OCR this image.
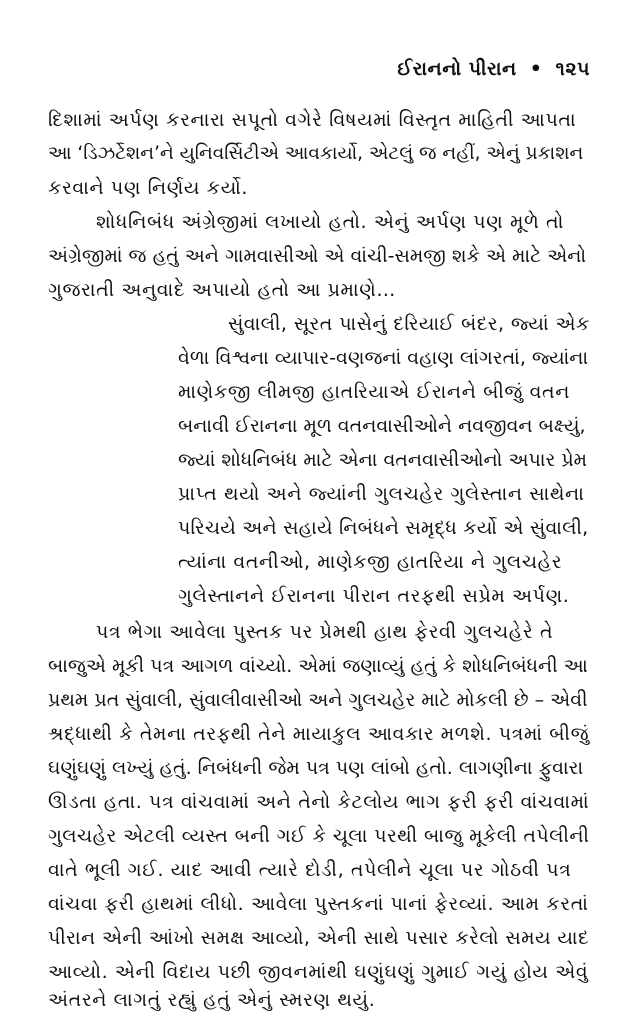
ઈરાનનો પીરાન • ૧૨૫
દિશામાં અર્પણ કરનારા સપૂતો વગેરે વિષયમાં વિસ્તૃત માહિતી આપતા
આ ‘ડિઝર્ટેશન’ને યુનિવર્સિટીએ આવકાર્યો, એટલું જ નહીં, એનું પ્રકાશન
કરવાને પણ નિર્ણય કર્યો.
શોધનિબંધ અંગ્રેજીમાં લખાયો હતો. એનું અર્પણ પણ મૂળે તો
અંગ્રેજીમાં જ હતું અને ગામવાસીઓ એ વાંચી-સમજી શકે એ માટે એનો
ગુજરાતી અનુવાદે અપાયો હતો આ પ્રમાણે…
સુંવાલી, સૂરત પાસેનું દરિયાઈ બંદર, જ્યાં એક
વેળા વિશ્વના વ્યાપાર-વણજનાં વહાણ લાંગરતાં, જ્યાંના
માણેકજી લીમજી હાતરિયાએ ઈરાનને બીજું વતન
બનાવી ઈરાનના મૂળ વતનવાસીઓને નવજીવન બક્ષ્યું,
જ્યાં શોધનિબંધ માટે એના વતનવાસીઓનો અપાર પ્રેમ
પ્રાપ્ત થયો અને જ્યાંની ગુલચહેર ગુલેસ્તાન સાથેના
પરિચયે અને સહાયે નિબંધને સમૃદ્ધ કર્યો એ સુંવાલી,
ત્યાંના વતનીઓ, માણેકજી હાતરિયા ને ગુલચહેર
ગુલેસ્તાનને ઈરાનના પીરાન તરફથી સપ્રેમ અર્પણ.
પત્ર ભેગા આવેલા પુસ્તક પર પ્રેમથી હાથ ફેરવી ગુલચહેરે તે
બાજુએ મૂકી પત્ર આગળ વાંચ્યો. એમાં જણાવ્યું હતું કે શોધનિબંધની આ
પ્રથમ પ્રત સુંવાલી, સુંવાલીવાસીઓ અને ગુલચહેર માટે મોકલી છે – એવી
શ્રદ્ધાથી કે તેમના તરફથી તેને માયાકુલ આવકાર મળશે. પત્રમાં બીજું
ઘણુંઘણું લખ્યું હતું. નિબંધની જેમ પત્ર પણ લાંબો હતો. લાગણીના ફુવારા
ઊડતા હતા. પત્ર વાંચવામાં અને તેનો કેટલોય ભાગ ફરી ફરી વાંચવામાં
ગુલચહેર એટલી વ્યસ્ત બની ગઈ કે ચૂલા પરથી બાજુ મૂકેલી તપેલીની
વાતે ભૂલી ગઈ. યાદ આવી ત્યારે દોડી, તપેલીને ચૂલા પર ગોઠવી પત્ર
વાંચવા ફરી હાથમાં લીધો. આવેલા પુસ્તકનાં પાનાં ફેરવ્યાં. આમ કરતાં
પીરાન એની આંખો સમક્ષ આવ્યો, એની સાથે પસાર કરેલો સમય યાદ
આવ્યો. એની વિદાય પછી જીવનમાંથી ઘણુંઘણું ગુમાઈ ગયું હોય એવું
અંતરને લાગતું રહ્યું હતું એનું સ્મરણ થયું.
